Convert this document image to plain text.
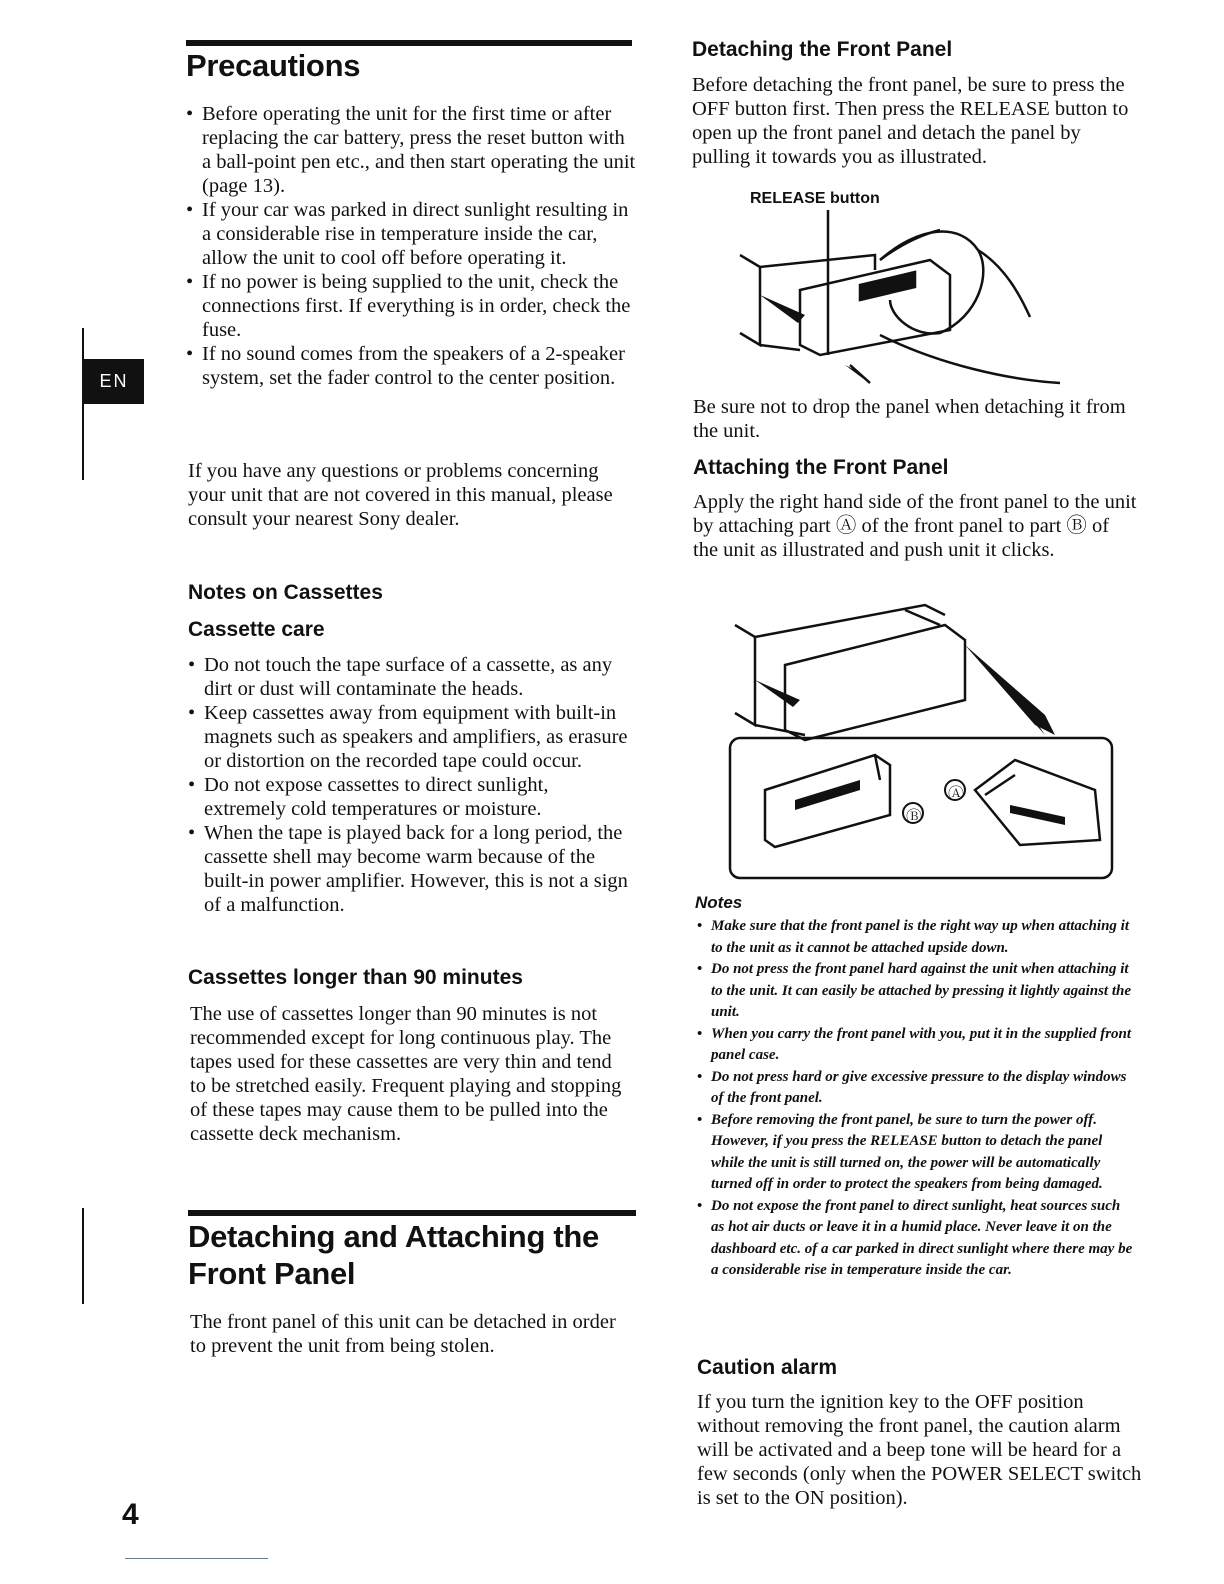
EN
Precautions
• Before operating the unit for the first time or after replacing the car battery, press the reset button with a ball-point pen etc., and then start operating the unit (page 13).
• If your car was parked in direct sunlight resulting in a considerable rise in temperature inside the car, allow the unit to cool off before operating it.
• If no power is being supplied to the unit, check the connections first. If everything is in order, check the fuse.
• If no sound comes from the speakers of a 2-speaker system, set the fader control to the center position.

If you have any questions or problems concerning your unit that are not covered in this manual, please consult your nearest Sony dealer.

Notes on Cassettes
Cassette care
• Do not touch the tape surface of a cassette, as any dirt or dust will contaminate the heads.
• Keep cassettes away from equipment with built-in magnets such as speakers and amplifiers, as erasure or distortion on the recorded tape could occur.
• Do not expose cassettes to direct sunlight, extremely cold temperatures or moisture.
• When the tape is played back for a long period, the cassette shell may become warm because of the built-in power amplifier. However, this is not a sign of a malfunction.
Cassettes longer than 90 minutes

The use of cassettes longer than 90 minutes is not recommended except for long continuous play. The tapes used for these cassettes are very thin and tend to be stretched easily. Frequent playing and stopping of these tapes may cause them to be pulled into the cassette deck mechanism.

Detaching and Attaching the
Front Panel

The front panel of this unit can be detached in order to prevent the unit from being stolen.

4
Detaching the Front Panel

Before detaching the front panel, be sure to press the OFF button first. Then press the RELEASE button to open up the front panel and detach the panel by pulling it towards you as illustrated.

RELEASE button

Be sure not to drop the panel when detaching it from the unit.

Attaching the Front Panel

Apply the right hand side of the front panel to the unit by attaching part Ⓐ of the front panel to part Ⓑ of the unit as illustrated and push unit it clicks.

Ⓑ
Ⓐ
Notes
• Make sure that the front panel is the right way up when attaching it to the unit as it cannot be attached upside down.
• Do not press the front panel hard against the unit when attaching it to the unit. It can easily be attached by pressing it lightly against the unit.
• When you carry the front panel with you, put it in the supplied front panel case.
• Do not press hard or give excessive pressure to the display windows of the front panel.
• Before removing the front panel, be sure to turn the power off. However, if you press the RELEASE button to detach the panel while the unit is still turned on, the power will be automatically turned off in order to protect the speakers from being damaged.
• Do not expose the front panel to direct sunlight, heat sources such as hot air ducts or leave it in a humid place. Never leave it on the dashboard etc. of a car parked in direct sunlight where there may be a considerable rise in temperature inside the car.
Caution alarm

If you turn the ignition key to the OFF position without removing the front panel, the caution alarm will be activated and a beep tone will be heard for a few seconds (only when the POWER SELECT switch is set to the ON position).
